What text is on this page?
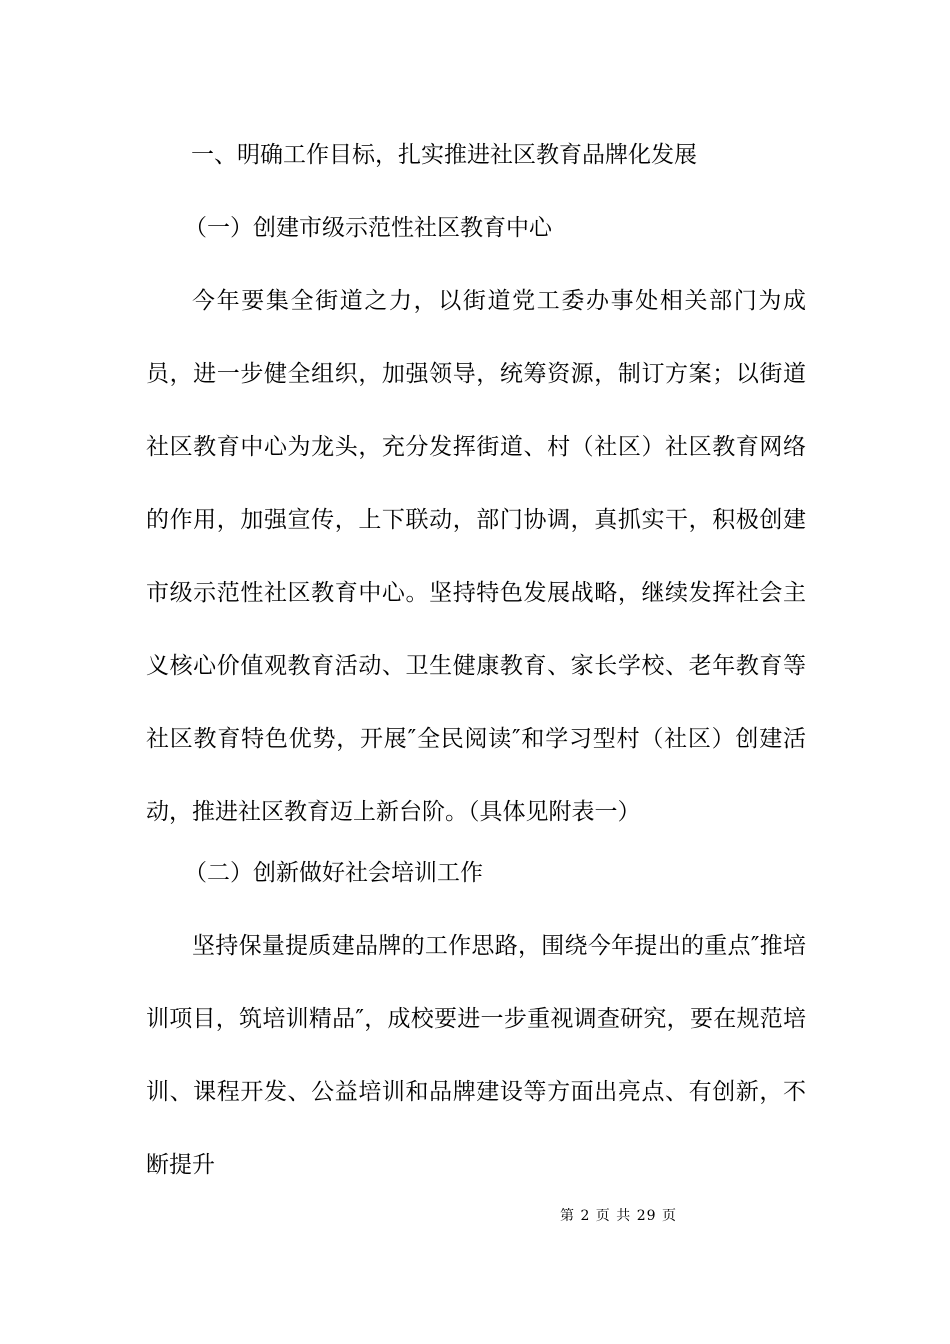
一、明确工作目标，扎实推进社区教育品牌化发展
（一）创建市级示范性社区教育中心

今年要集全街道之力，以街道党工委办事处相关部门为成员，进一步健全组织，加强领导，统筹资源，制订方案；以街道社区教育中心为龙头，充分发挥街道、村（社区）社区教育网络的作用，加强宣传，上下联动，部门协调，真抓实干，积极创建市级示范性社区教育中心。坚持特色发展战略，继续发挥社会主义核心价值观教育活动、卫生健康教育、家长学校、老年教育等社区教育特色优势，开展″全民阅读″和学习型村（社区）创建活动，推进社区教育迈上新台阶。（具体见附表一）

（二）创新做好社会培训工作

坚持保量提质建品牌的工作思路，围绕今年提出的重点″推培训项目，筑培训精品″，成校要进一步重视调查研究，要在规范培训、课程开发、公益培训和品牌建设等方面出亮点、有创新，不断提升

第 2 页 共 29 页
